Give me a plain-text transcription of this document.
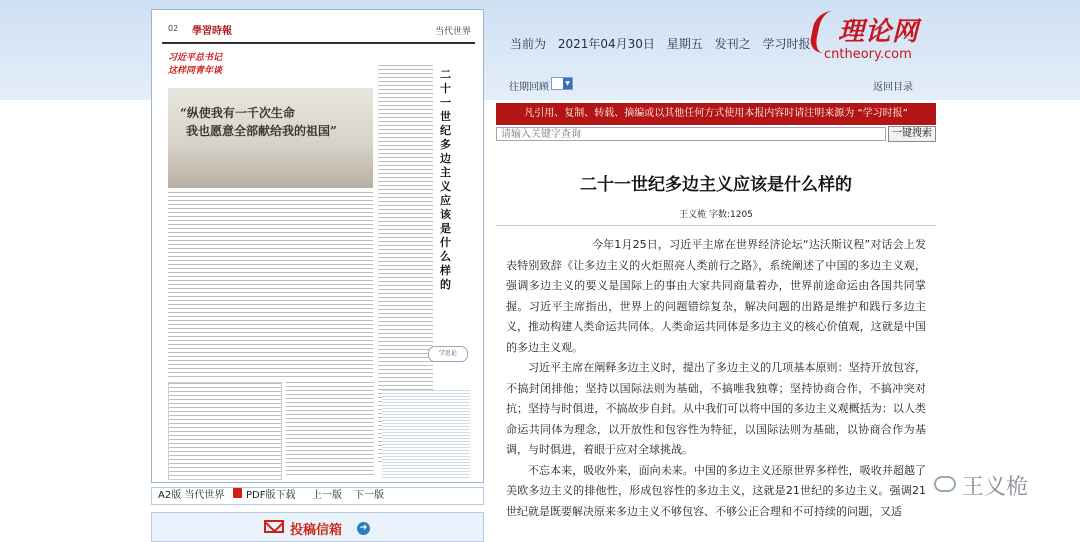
02 學習時報	当代世界
习近平总书记
这样同青年谈
“纵使我有一千次生命
我也愿意全部献给我的祖国”
二十一世纪多边主义应该是什么样的
学思论
A2版 当代世界 PDF版下载 上一版 下一版
投稿信箱	➜
当前为 2021年04月30日 星期五 发刊之 学习时报	理论网
cntheory.com
往期回顾	▼	返回目录
凡引用、复制、转载、摘编或以其他任何方式使用本报内容时请注明来源为 “学习时报”
请输入关键字查询
一键搜索
二十一世纪多边主义应该是什么样的
王义桅 字数:1205

今年1月25日，习近平主席在世界经济论坛“达沃斯议程”对话会上发表特别致辞《让多边主义的火炬照亮人类前行之路》，系统阐述了中国的多边主义观，强调多边主义的要义是国际上的事由大家共同商量着办，世界前途命运由各国共同掌握。习近平主席指出，世界上的问题错综复杂，解决问题的出路是维护和践行多边主义，推动构建人类命运共同体。人类命运共同体是多边主义的核心价值观，这就是中国的多边主义观。

习近平主席在阐释多边主义时，提出了多边主义的几项基本原则：坚持开放包容，不搞封闭排他；坚持以国际法则为基础，不搞唯我独尊；坚持协商合作，不搞冲突对抗；坚持与时俱进，不搞故步自封。从中我们可以将中国的多边主义观概括为：以人类命运共同体为理念，以开放性和包容性为特征，以国际法则为基础，以协商合作为基调，与时俱进，着眼于应对全球挑战。

不忘本来，吸收外来，面向未来。中国的多边主义还原世界多样性，吸收并超越了美欧多边主义的排他性，形成包容性的多边主义，这就是21世纪的多边主义。强调21世纪就是既要解决原来多边主义不够包容、不够公正合理和不可持续的问题，又适

王义桅
